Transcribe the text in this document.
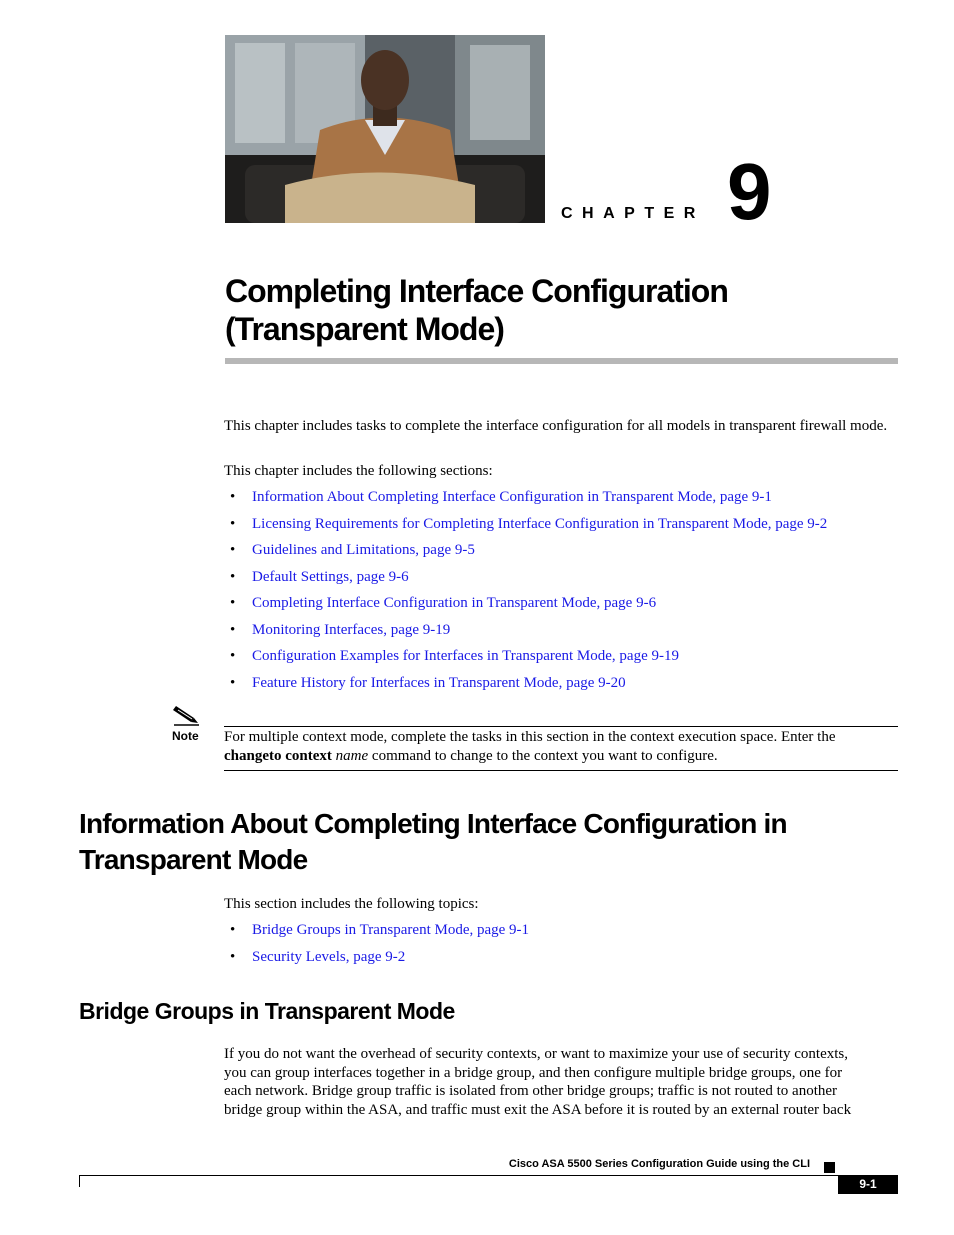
CHAPTER 9
Completing Interface Configuration
(Transparent Mode)

This chapter includes tasks to complete the interface configuration for all models in transparent firewall mode.

This chapter includes the following sections:

• Information About Completing Interface Configuration in Transparent Mode, page 9-1
• Licensing Requirements for Completing Interface Configuration in Transparent Mode, page 9-2
• Guidelines and Limitations, page 9-5
• Default Settings, page 9-6
• Completing Interface Configuration in Transparent Mode, page 9-6
• Monitoring Interfaces, page 9-19
• Configuration Examples for Interfaces in Transparent Mode, page 9-19
• Feature History for Interfaces in Transparent Mode, page 9-20
Note For multiple context mode, complete the tasks in this section in the context execution space. Enter the changeto context name command to change to the context you want to configure.

Information About Completing Interface Configuration in
Transparent Mode

This section includes the following topics:

• Bridge Groups in Transparent Mode, page 9-1
• Security Levels, page 9-2
Bridge Groups in Transparent Mode
If you do not want the overhead of security contexts, or want to maximize your use of security contexts,
you can group interfaces together in a bridge group, and then configure multiple bridge groups, one for
each network. Bridge group traffic is isolated from other bridge groups; traffic is not routed to another
bridge group within the ASA, and traffic must exit the ASA before it is routed by an external router back
Cisco ASA 5500 Series Configuration Guide using the CLI
9-1
